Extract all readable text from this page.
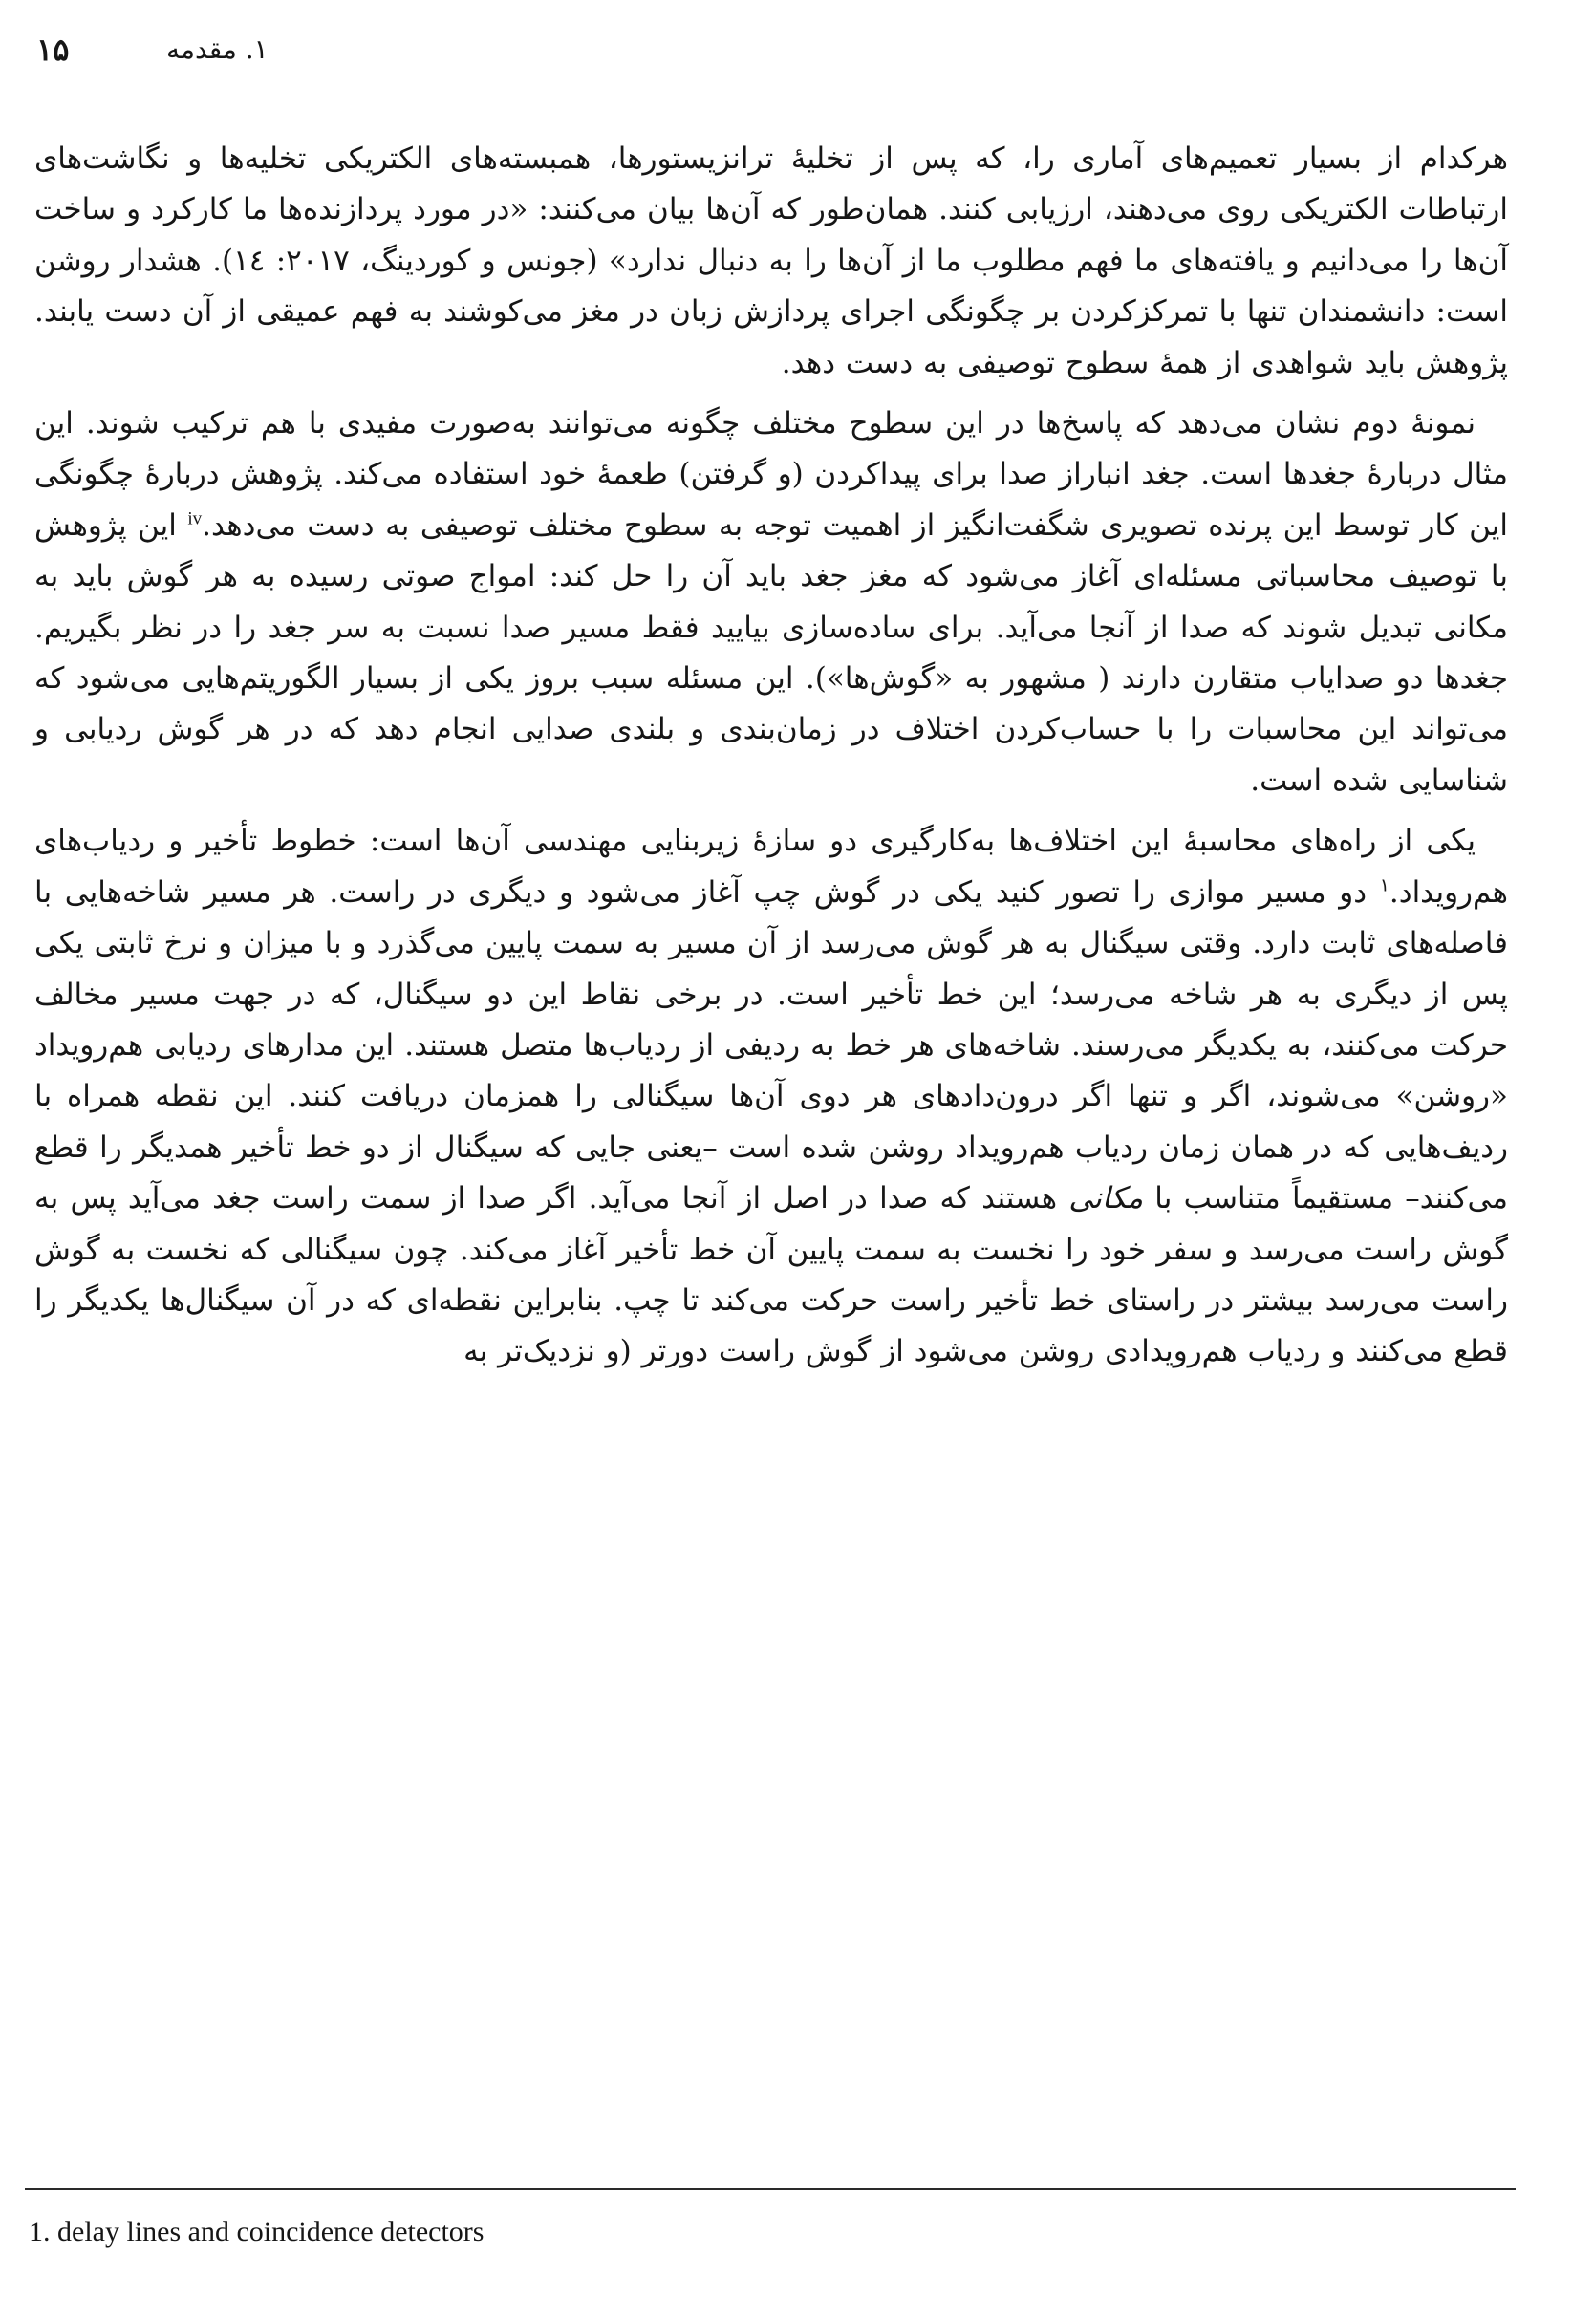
۱۵	۱. مقدمه

هرکدام از بسیار تعمیم‌های آماری را، که پس از تخلیهٔ ترانزیستورها، همبسته‌های الکتریکی تخلیه‌ها و نگاشت‌های ارتباطات الکتریکی روی می‌دهند، ارزیابی کنند. همان‌طور که آن‌ها بیان می‌کنند: «در مورد پردازنده‌ها ما کارکرد و ساخت آن‌ها را می‌دانیم و یافته‌های ما فهم مطلوب ما از آن‌ها را به دنبال ندارد» (جونس و کوردینگ، ۲۰۱۷: ۱٤). هشدار روشن است: دانشمندان تنها با تمرکزکردن بر چگونگی اجرای پردازش زبان در مغز می‌کوشند به فهم عمیقی از آن دست یابند. پژوهش باید شواهدی از همهٔ سطوح توصیفی به دست دهد.

نمونهٔ دوم نشان می‌دهد که پاسخ‌ها در این سطوح مختلف چگونه می‌توانند به‌صورت مفیدی با هم ترکیب شوند. این مثال دربارهٔ جغدها است. جغد انباراز صدا برای پیداکردن (و گرفتن) طعمهٔ خود استفاده می‌کند. پژوهش دربارهٔ چگونگی این کار توسط این پرنده تصویری شگفت‌انگیز از اهمیت توجه به سطوح مختلف توصیفی به دست می‌دهد.$^{iv}$ این پژوهش با توصیف محاسباتی مسئله‌ای آغاز می‌شود که مغز جغد باید آن را حل کند: امواج صوتی رسیده به هر گوش باید به مکانی تبدیل شوند که صدا از آنجا می‌آید. برای ساده‌سازی بیایید فقط مسیر صدا نسبت به سر جغد را در نظر بگیریم. جغدها دو صدایاب متقارن دارند ( مشهور به «گوش‌ها»). این مسئله سبب بروز یکی از بسیار الگوریتم‌هایی می‌شود که می‌تواند این محاسبات را با حساب‌کردن اختلاف در زمان‌بندی و بلندی صدایی انجام دهد که در هر گوش ردیابی و شناسایی شده است.

یکی از راه‌های محاسبهٔ این اختلاف‌ها به‌کارگیری دو سازهٔ زیربنایی مهندسی آن‌ها است: خطوط تأخیر و ردیاب‌های هم‌رویداد.$^۱$ دو مسیر موازی را تصور کنید یکی در گوش چپ آغاز می‌شود و دیگری در راست. هر مسیر شاخه‌هایی با فاصله‌های ثابت دارد. وقتی سیگنال به هر گوش می‌رسد از آن مسیر به سمت پایین می‌گذرد و با میزان و نرخ ثابتی یکی پس از دیگری به هر شاخه می‌رسد؛ این خط تأخیر است. در برخی نقاط این دو سیگنال، که در جهت مسیر مخالف حرکت می‌کنند، به یکدیگر می‌رسند. شاخه‌های هر خط به ردیفی از ردیاب‌ها متصل هستند. این مدارهای ردیابی هم‌رویداد «روشن» می‌شوند، اگر و تنها اگر درون‌دادهای هر دوی آن‌ها سیگنالی را همزمان دریافت کنند. این نقطه همراه با ردیف‌هایی که در همان زمان ردیاب هم‌رویداد روشن شده است –یعنی جایی که سیگنال از دو خط تأخیر همدیگر را قطع می‌کنند– مستقیماً متناسب با مکانی هستند که صدا در اصل از آنجا می‌آید. اگر صدا از سمت راست جغد می‌آید پس به گوش راست می‌رسد و سفر خود را نخست به سمت پایین آن خط تأخیر آغاز می‌کند. چون سیگنالی که نخست به گوش راست می‌رسد بیشتر در راستای خط تأخیر راست حرکت می‌کند تا چپ. بنابراین نقطه‌ای که در آن سیگنال‌ها یکدیگر را قطع می‌کنند و ردیاب هم‌رویدادی روشن می‌شود از گوش راست دورتر (و نزدیک‌تر به

1. delay lines and coincidence detectors
